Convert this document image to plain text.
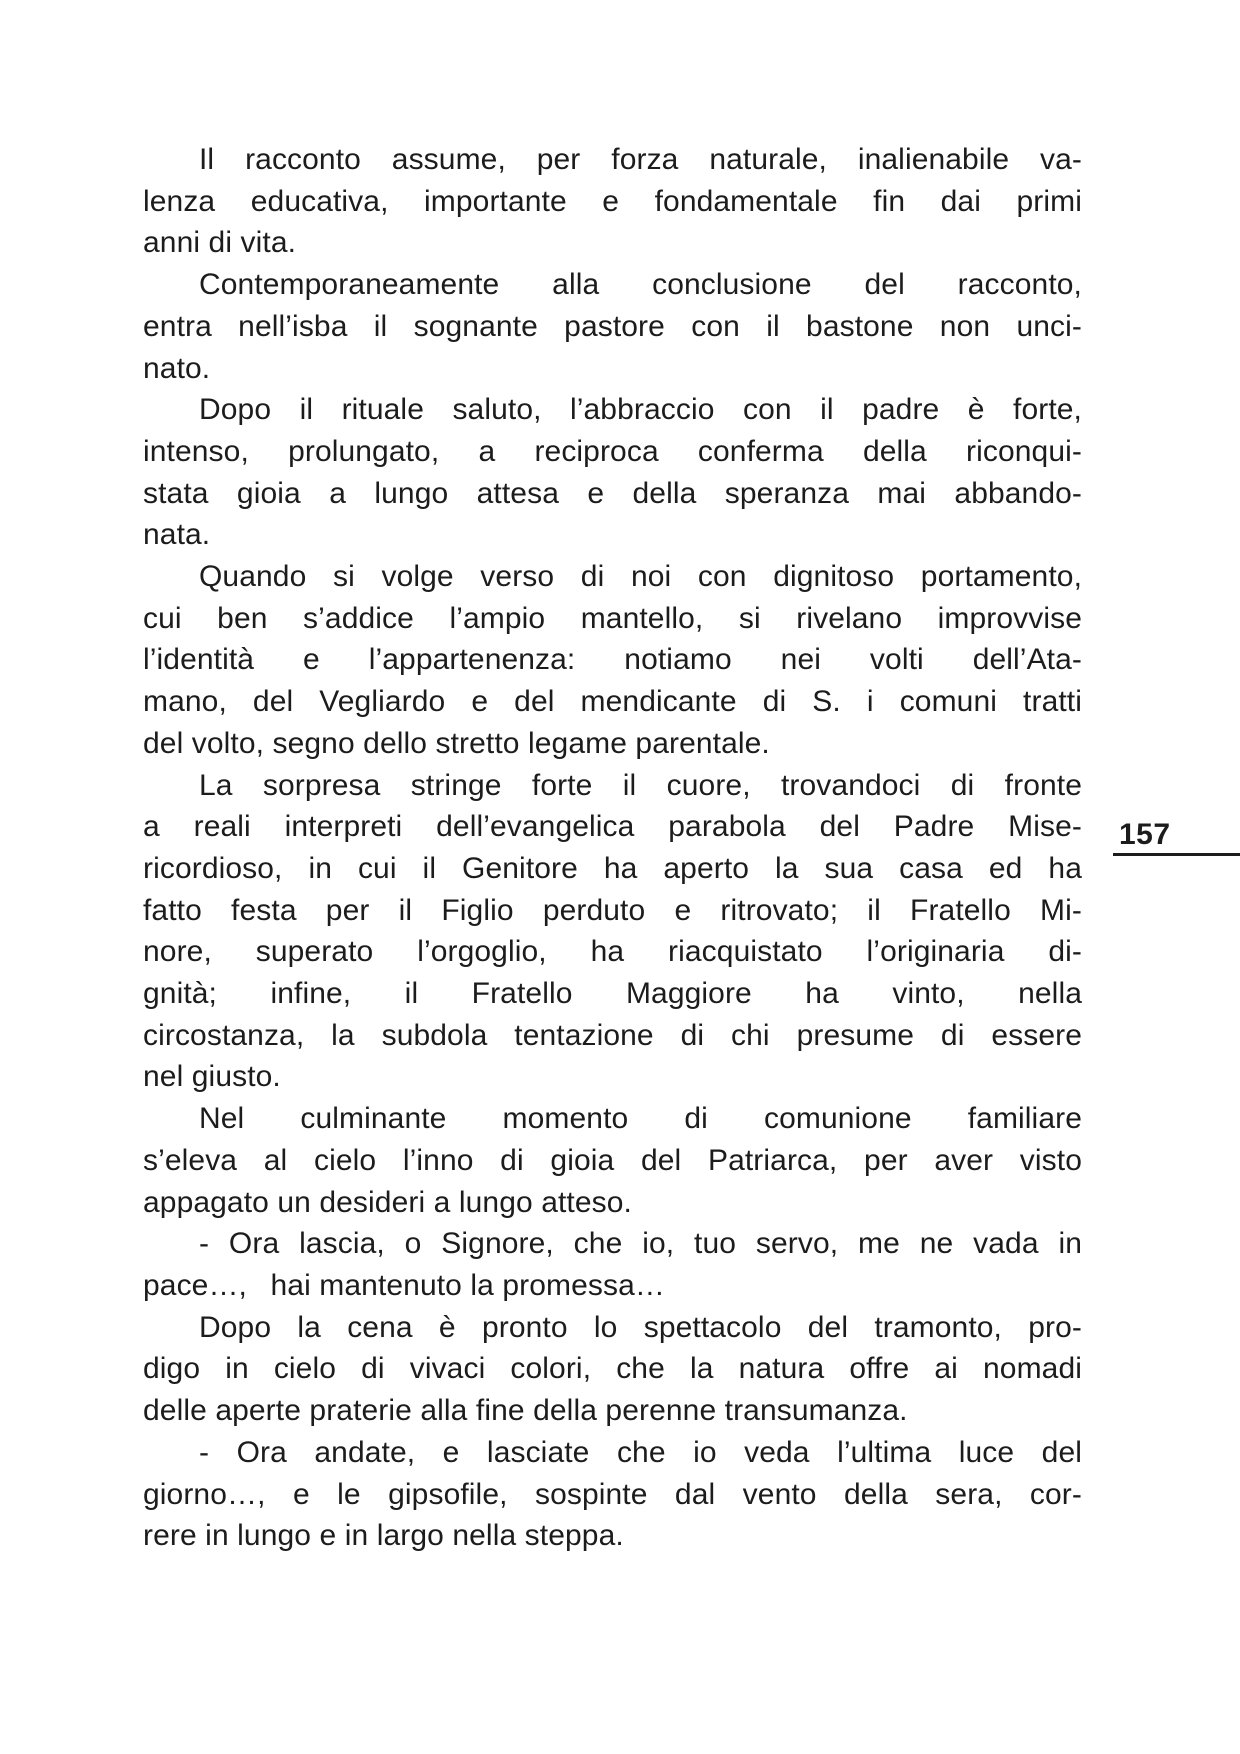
Il racconto assume, per forza naturale, inalienabile va-
lenza educativa, importante e fondamentale fin dai primi
anni di vita.

Contemporaneamente alla conclusione del racconto,
entra nell’isba il sognante pastore con il bastone non unci-
nato.

Dopo il rituale saluto, l’abbraccio con il padre è forte,
intenso, prolungato, a reciproca conferma della riconqui-
stata gioia a lungo attesa e della speranza mai abbando-
nata.

Quando si volge verso di noi con dignitoso portamento,
cui ben s’addice l’ampio mantello, si rivelano improvvise
l’identità e l’appartenenza: notiamo nei volti dell’Ata-
mano, del Vegliardo e del mendicante di S. i comuni tratti
del volto, segno dello stretto legame parentale.

La sorpresa stringe forte il cuore, trovandoci di fronte
a reali interpreti dell’evangelica parabola del Padre Mise-
ricordioso, in cui il Genitore ha aperto la sua casa ed ha
fatto festa per il Figlio perduto e ritrovato; il Fratello Mi-
nore, superato l’orgoglio, ha riacquistato l’originaria di-
gnità; infine, il Fratello Maggiore ha vinto, nella
circostanza, la subdola tentazione di chi presume di essere
nel giusto.

Nel culminante momento di comunione familiare
s’eleva al cielo l’inno di gioia del Patriarca, per aver visto
appagato un desideri a lungo atteso.

- Ora lascia, o Signore, che io, tuo servo, me ne vada in
pace…,  hai mantenuto la promessa…

Dopo la cena è pronto lo spettacolo del tramonto, pro-
digo in cielo di vivaci colori, che la natura offre ai nomadi
delle aperte praterie alla fine della perenne transumanza.

- Ora andate, e lasciate che io veda l’ultima luce del
giorno…, e le gipsofile, sospinte dal vento della sera, cor-
rere in lungo e in largo nella steppa.

157
